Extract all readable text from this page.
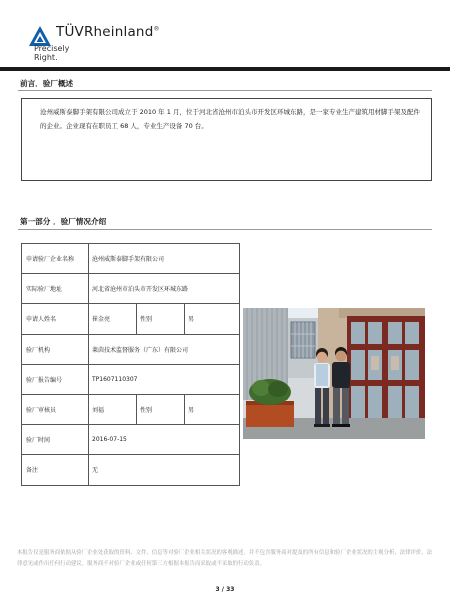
TÜVRheinland®
Precisely Right.

前言．验厂概述
沧州威斯泰脚手架有限公司成立于 2010 年 1 月，位于河北省沧州市泊头市开发区环城东路，是一家专业生产建筑用材脚手架及配件的企业。企业现有在职员工 68 人，专业生产设备 70 台。
第一部分 ．验厂情况介绍
申请验厂企业名称	沧州威斯泰脚手架有限公司		
实际验厂地址	河北省沧州市泊头市开发区环城东路		
申请人姓名	崔金亮	性别	男
验厂机构	莱茵技术监督服务（广东）有限公司		
验厂报告编号	TP1607110307		
验厂审核员	刘福	性别	男
验厂时间	2016-07-15		
备注	无		
本报告仅是服务商依据从验厂企业处获取的资料、文件、信息等对验厂企业相关状况的客观描述，并不包含服务商对提及的所有信息和验厂企业状况的主观分析、法律评价、法律意见或作出任何行动建议。服务商不对验厂企业或任何第三方根据本报告而采取或不采取的行动负责。
3 / 33
